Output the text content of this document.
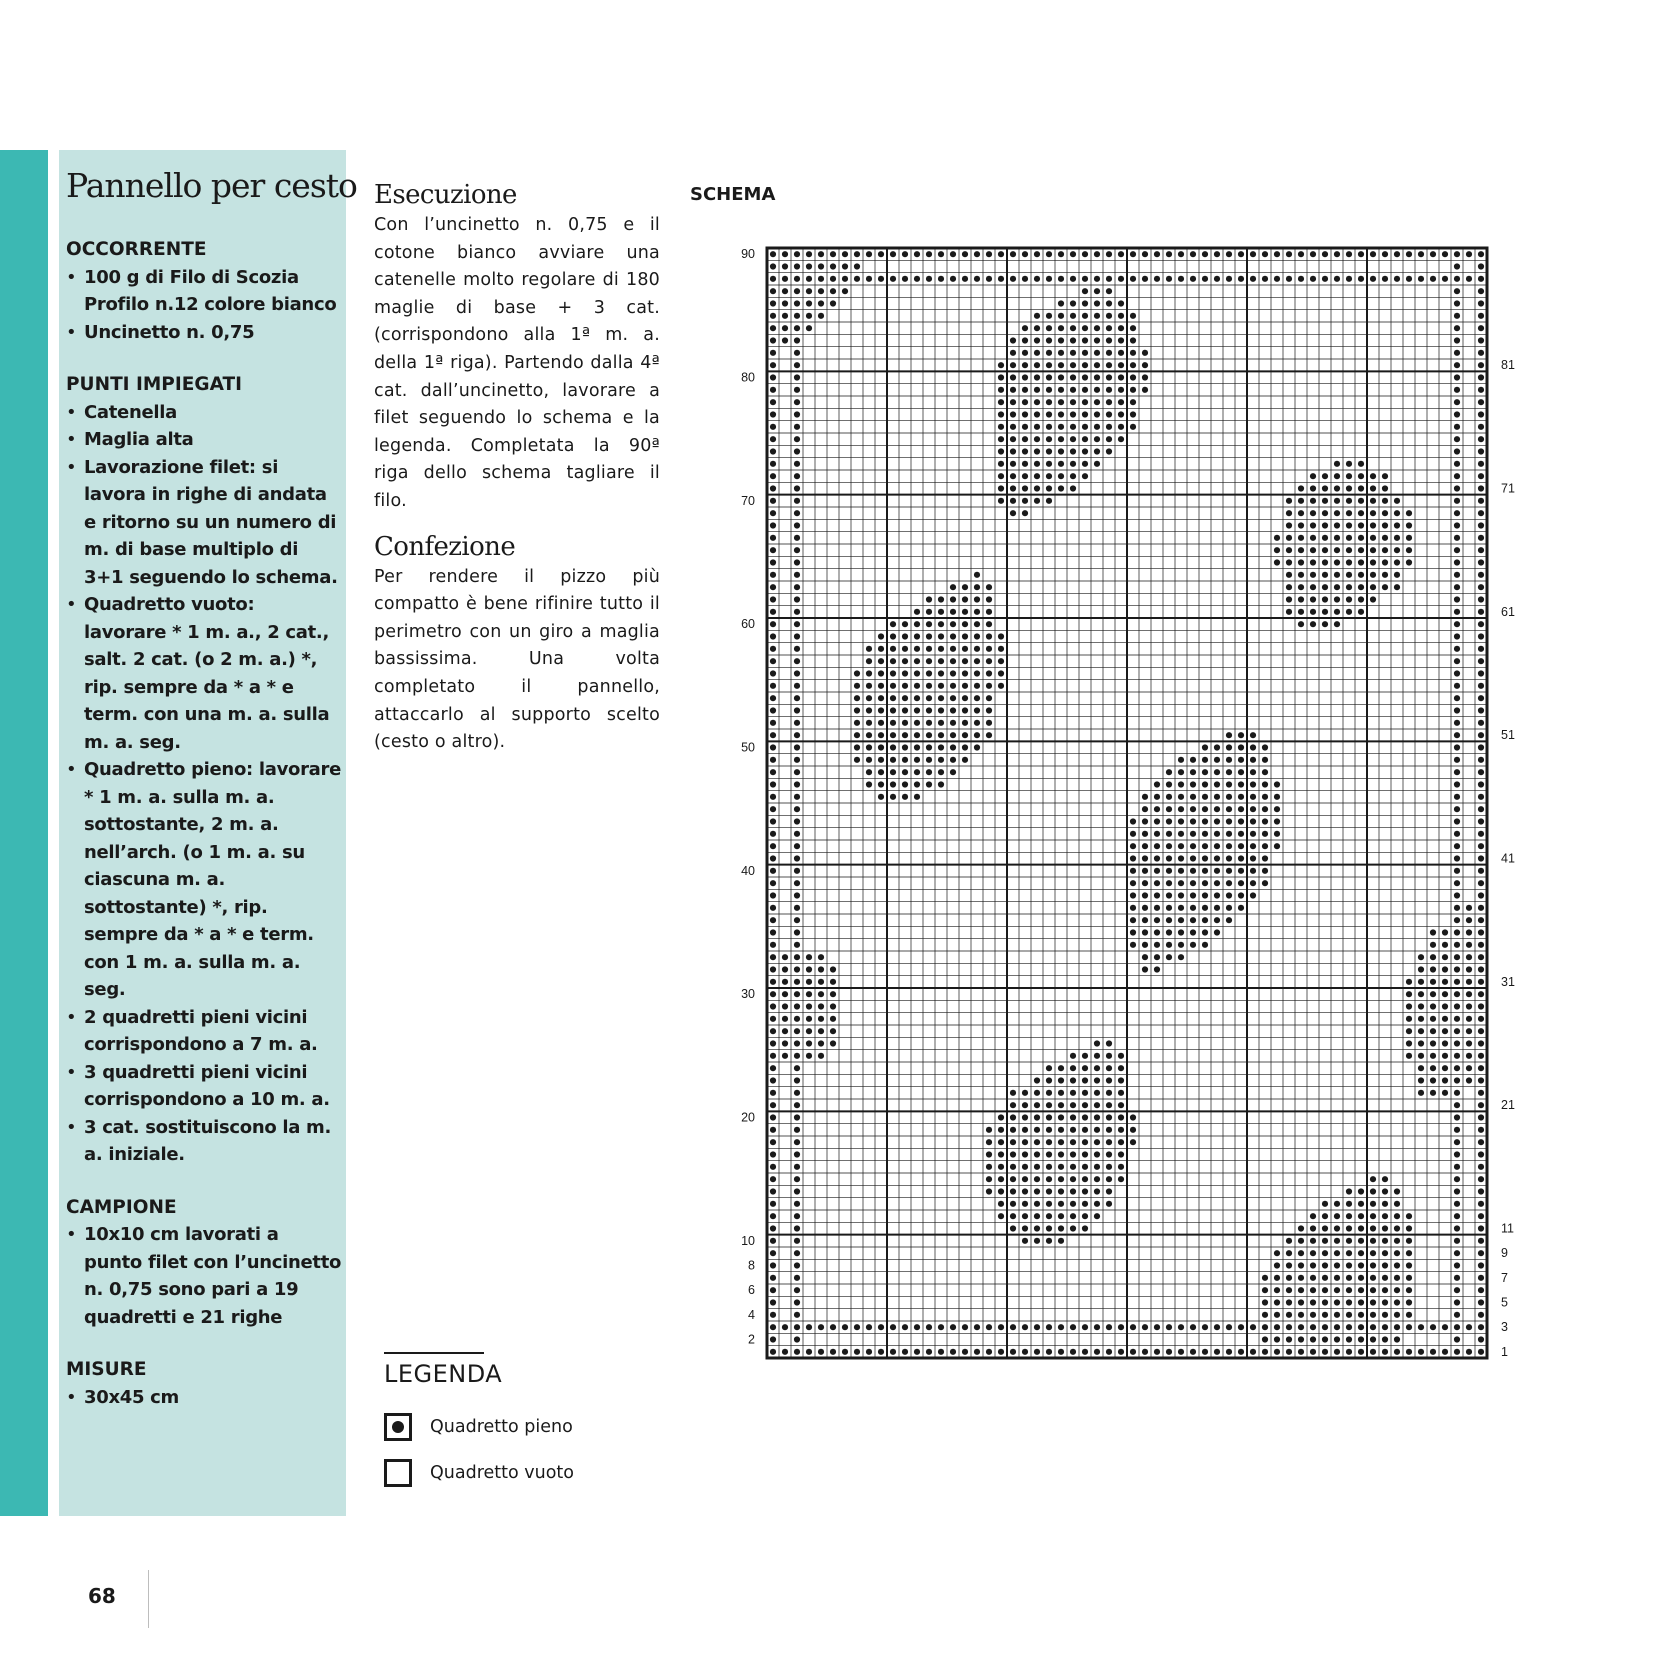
Pannello per cesto

OCCORRENTE

• 100 g di Filo di Scozia Profilo n.12 colore bianco
• Uncinetto n. 0,75

PUNTI IMPIEGATI

• Catenella
• Maglia alta
• Lavorazione filet: si lavora in righe di andata e ritorno su un numero di m. di base multiplo di 3+1 seguendo lo schema.
• Quadretto vuoto: lavorare * 1 m. a., 2 cat., salt. 2 cat. (o 2 m. a.) *, rip. sempre da * a * e term. con una m. a. sulla m. a. seg.
• Quadretto pieno: lavorare * 1 m. a. sulla m. a. sottostante, 2 m. a. nell’arch. (o 1 m. a. su ciascuna m. a. sottostante) *, rip. sempre da * a * e term. con 1 m. a. sulla m. a. seg.
• 2 quadretti pieni vicini corrispondono a 7 m. a.
• 3 quadretti pieni vicini corrispondono a 10 m. a.
• 3 cat. sostituiscono la m. a. iniziale.

CAMPIONE

• 10x10 cm lavorati a punto filet con l’uncinetto n. 0,75 sono pari a 19 quadretti e 21 righe

MISURE

• 30x45 cm
Esecuzione

Con l’uncinetto n. 0,75 e il cotone bianco avviare una catenelle molto regolare di 180 maglie di base + 3 cat. (corrispondono alla 1ª m. a. della 1ª riga). Partendo dalla 4ª cat. dall’uncinetto, lavorare a filet seguendo lo schema e la legenda. Completata la 90ª riga dello schema tagliare il filo.

Confezione

Per rendere il pizzo più compatto è bene rifinire tutto il perimetro con un giro a maglia bassissima. Una volta completato il pannello, attaccarlo al supporto scelto (cesto o altro).

SCHEMA

90
80
70
60
50
40
30
20
10
8
6
4
2
81
71
61
51
41
31
21
11
9
7
5
3
1

LEGENDA

Quadretto pieno
Quadretto vuoto

68
